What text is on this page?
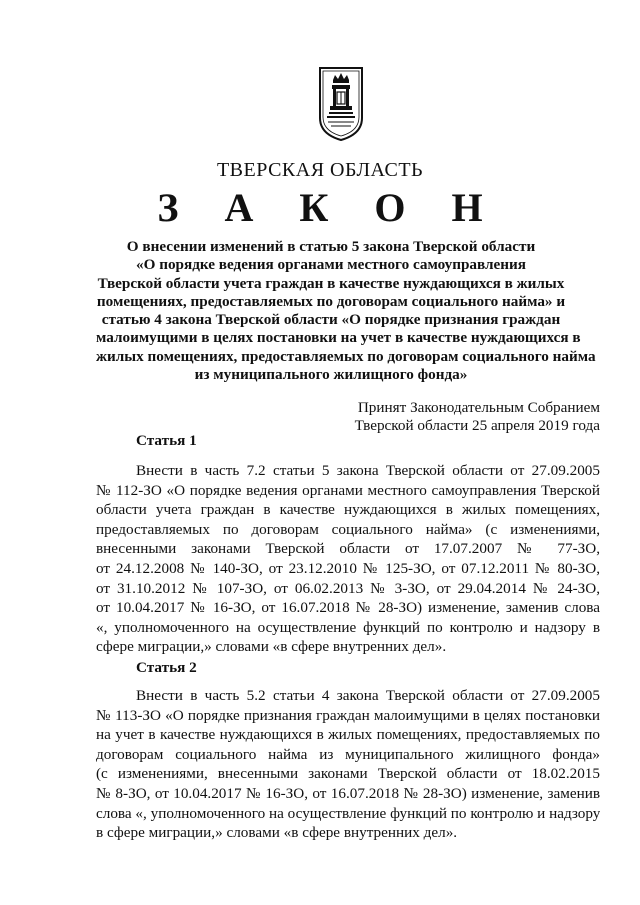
ТВЕРСКАЯ ОБЛАСТЬ
З А К О Н
О внесении изменений в статью 5 закона Тверской области
«О порядке ведения органами местного самоуправления
Тверской области учета граждан в качестве нуждающихся в жилых
помещениях, предоставляемых по договорам социального найма» и
статью 4 закона Тверской области «О порядке признания граждан
малоимущими в целях постановки на учет в качестве нуждающихся в
жилых помещениях, предоставляемых по договорам социального найма
из муниципального жилищного фонда»
Принят Законодательным Собранием
Тверской области 25 апреля 2019 года
Статья 1
Внести в часть 7.2 статьи 5 закона Тверской области от 27.09.2005
№ 112-ЗО «О порядке ведения органами местного самоуправления Тверской
области учета граждан в качестве нуждающихся в жилых помещениях,
предоставляемых по договорам социального найма» (с изменениями,
внесенными законами Тверской области от 17.07.2007 № 77-ЗО,
от 24.12.2008 № 140-ЗО, от 23.12.2010 № 125-ЗО, от 07.12.2011 № 80-ЗО,
от 31.10.2012 № 107-ЗО, от 06.02.2013 № 3-ЗО, от 29.04.2014 № 24-ЗО,
от 10.04.2017 № 16-ЗО, от 16.07.2018 № 28-ЗО) изменение, заменив слова
«, уполномоченного на осуществление функций по контролю и надзору в
сфере миграции,» словами «в сфере внутренних дел».
Статья 2
Внести в часть 5.2 статьи 4 закона Тверской области от 27.09.2005
№ 113-ЗО «О порядке признания граждан малоимущими в целях постановки
на учет в качестве нуждающихся в жилых помещениях, предоставляемых по
договорам социального найма из муниципального жилищного фонда»
(с изменениями, внесенными законами Тверской области от 18.02.2015
№ 8-ЗО, от 10.04.2017 № 16-ЗО, от 16.07.2018 № 28-ЗО) изменение, заменив
слова «, уполномоченного на осуществление функций по контролю и надзору
в сфере миграции,» словами «в сфере внутренних дел».
